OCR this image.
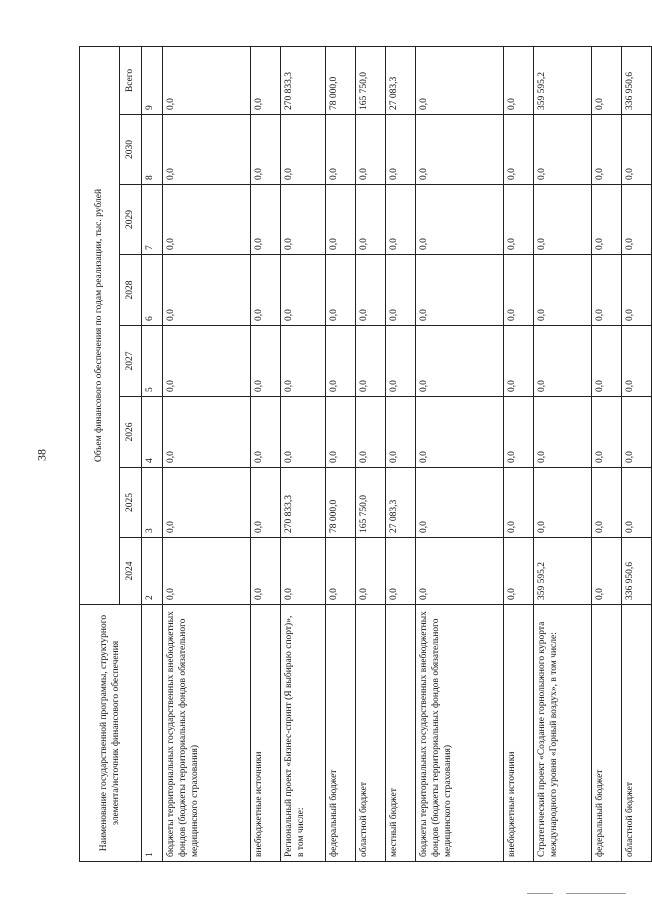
38
Наименование государственной программы, структурного элемента/источник финансового обеспечения	Объем финансового обеспечения по годам реализации, тыс. рублей							
	2024	2025	2026	2027	2028	2029	2030	Всего
1	2	3	4	5	6	7	8	9
бюджеты территориальных государственных внебюджетных фондов (бюджеты территориальных фондов обязательного медицинского страхования)	0,0	0,0	0,0	0,0	0,0	0,0	0,0	0,0
внебюджетные источники	0,0	0,0	0,0	0,0	0,0	0,0	0,0	0,0
Региональный проект «Бизнес-спринт (Я выбираю спорт)», в том числе:	0,0	270 833,3	0,0	0,0	0,0	0,0	0,0	270 833,3
федеральный бюджет	0,0	78 000,0	0,0	0,0	0,0	0,0	0,0	78 000,0
областной бюджет	0,0	165 750,0	0,0	0,0	0,0	0,0	0,0	165 750,0
местный бюджет	0,0	27 083,3	0,0	0,0	0,0	0,0	0,0	27 083,3
бюджеты территориальных государственных внебюджетных фондов (бюджеты территориальных фондов обязательного медицинского страхования)	0,0	0,0	0,0	0,0	0,0	0,0	0,0	0,0
внебюджетные источники	0,0	0,0	0,0	0,0	0,0	0,0	0,0	0,0
Стратегический проект «Создание горнолыжного курорта международного уровня «Горный воздух», в том числе:	359 595,2	0,0	0,0	0,0	0,0	0,0	0,0	359 595,2
федеральный бюджет	0,0	0,0	0,0	0,0	0,0	0,0	0,0	0,0
областной бюджет	336 950,6	0,0	0,0	0,0	0,0	0,0	0,0	336 950,6
